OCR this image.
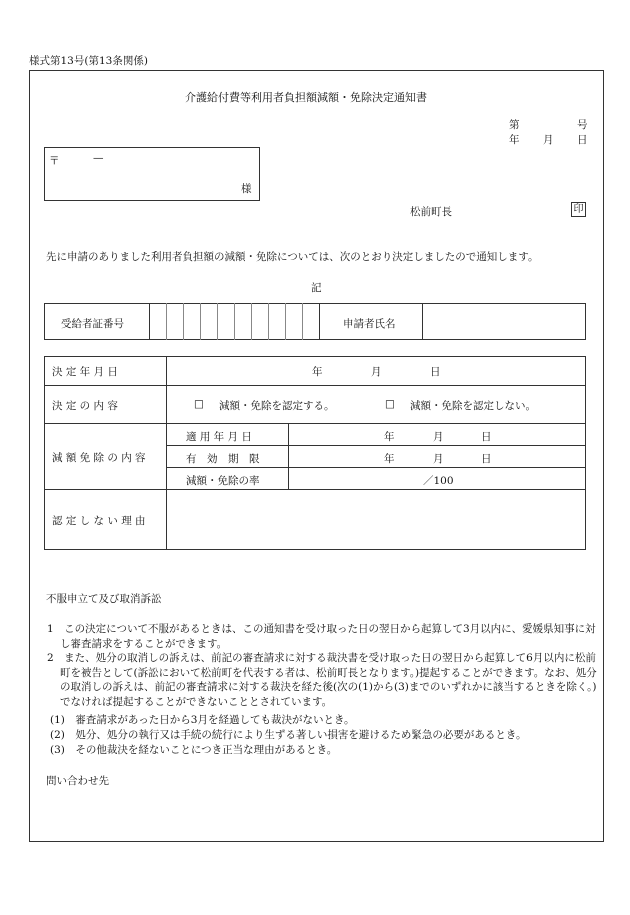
様式第13号(第13条関係)
介護給付費等利用者負担額減額・免除決定通知書
第	号
年 月 日
〒	—
様
松前町長	印
先に申請のありました利用者負担額の減額・免除については、次のとおり決定しましたので通知します。
記
受給者証番号	申請者氏名
決 定 年 月 日	年	月	日
決 定 の 内 容	□ 減額・免除を認定する。	□ 減額・免除を認定しない。
減 額 免 除 の 内 容
適 用 年 月 日	年	月	日
有　効　期　限	年	月	日
減額・免除の率	／100
認 定 し な い 理 由
不服申立て及び取消訴訟
1　この決定について不服があるときは、この通知書を受け取った日の翌日から起算して3月以内に、愛媛県知事に対し審査請求をすることができます。
2　また、処分の取消しの訴えは、前記の審査請求に対する裁決書を受け取った日の翌日から起算して6月以内に松前町を被告として(訴訟において松前町を代表する者は、松前町長となります。)提起することができます。なお、処分の取消しの訴えは、前記の審査請求に対する裁決を経た後(次の(1)から(3)までのいずれかに該当するときを除く。)でなければ提起することができないこととされています。
(1)　審査請求があった日から3月を経過しても裁決がないとき。
(2)　処分、処分の執行又は手続の続行により生ずる著しい損害を避けるため緊急の必要があるとき。
(3)　その他裁決を経ないことにつき正当な理由があるとき。
問い合わせ先
